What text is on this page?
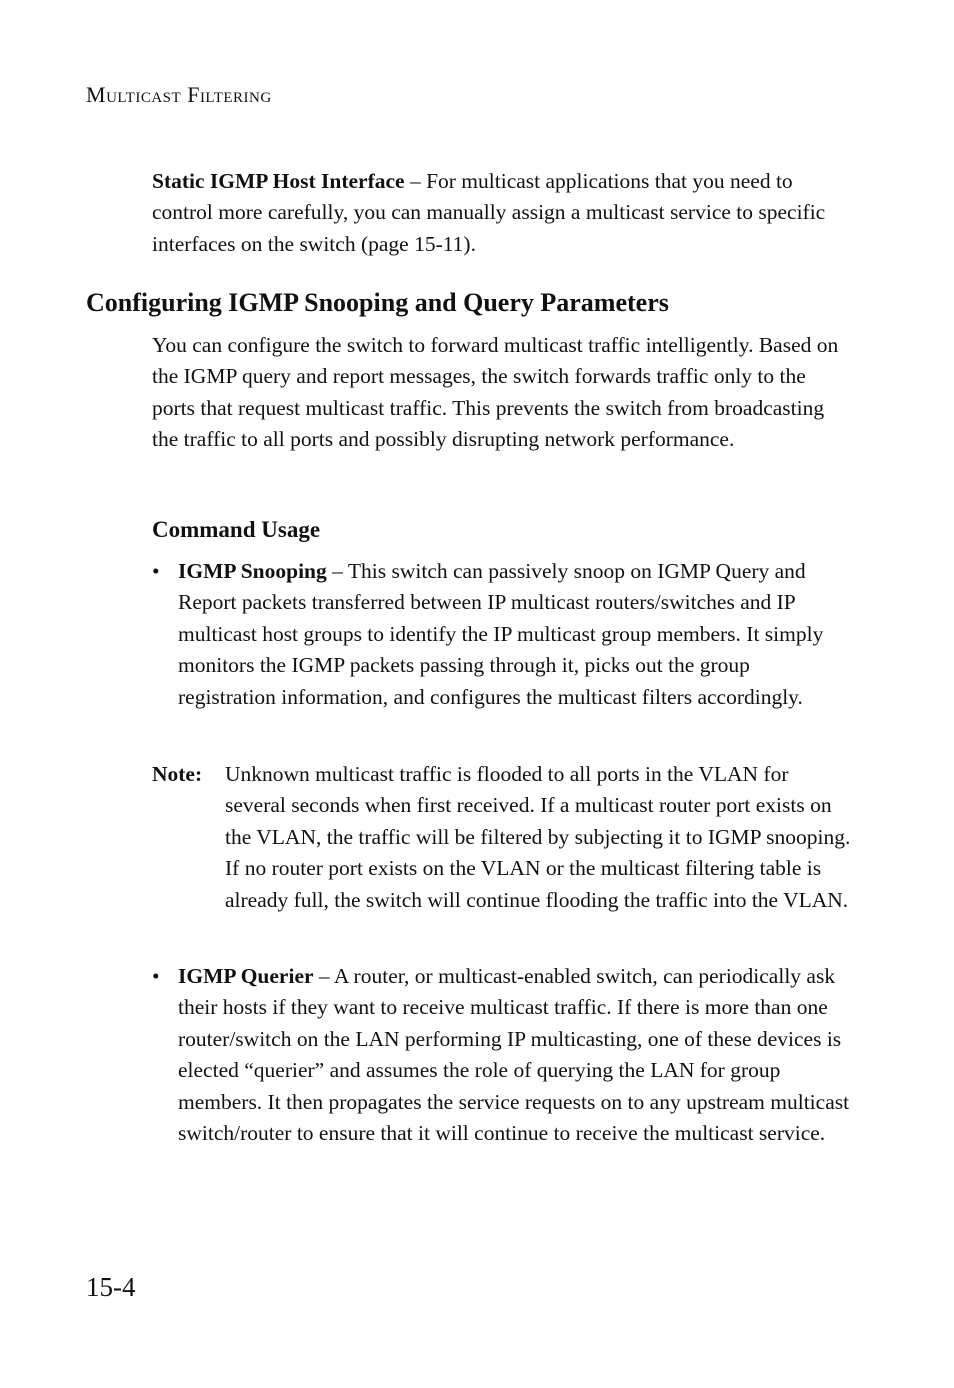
Multicast Filtering

Static IGMP Host Interface – For multicast applications that you need to control more carefully, you can manually assign a multicast service to specific interfaces on the switch (page 15-11).

Configuring IGMP Snooping and Query Parameters

You can configure the switch to forward multicast traffic intelligently. Based on the IGMP query and report messages, the switch forwards traffic only to the ports that request multicast traffic. This prevents the switch from broadcasting the traffic to all ports and possibly disrupting network performance.

Command Usage
• IGMP Snooping – This switch can passively snoop on IGMP Query and Report packets transferred between IP multicast routers/switches and IP multicast host groups to identify the IP multicast group members. It simply monitors the IGMP packets passing through it, picks out the group registration information, and configures the multicast filters accordingly.
Note: Unknown multicast traffic is flooded to all ports in the VLAN for several seconds when first received. If a multicast router port exists on the VLAN, the traffic will be filtered by subjecting it to IGMP snooping. If no router port exists on the VLAN or the multicast filtering table is already full, the switch will continue flooding the traffic into the VLAN.
• IGMP Querier – A router, or multicast-enabled switch, can periodically ask their hosts if they want to receive multicast traffic. If there is more than one router/switch on the LAN performing IP multicasting, one of these devices is elected “querier” and assumes the role of querying the LAN for group members. It then propagates the service requests on to any upstream multicast switch/router to ensure that it will continue to receive the multicast service.
15-4
